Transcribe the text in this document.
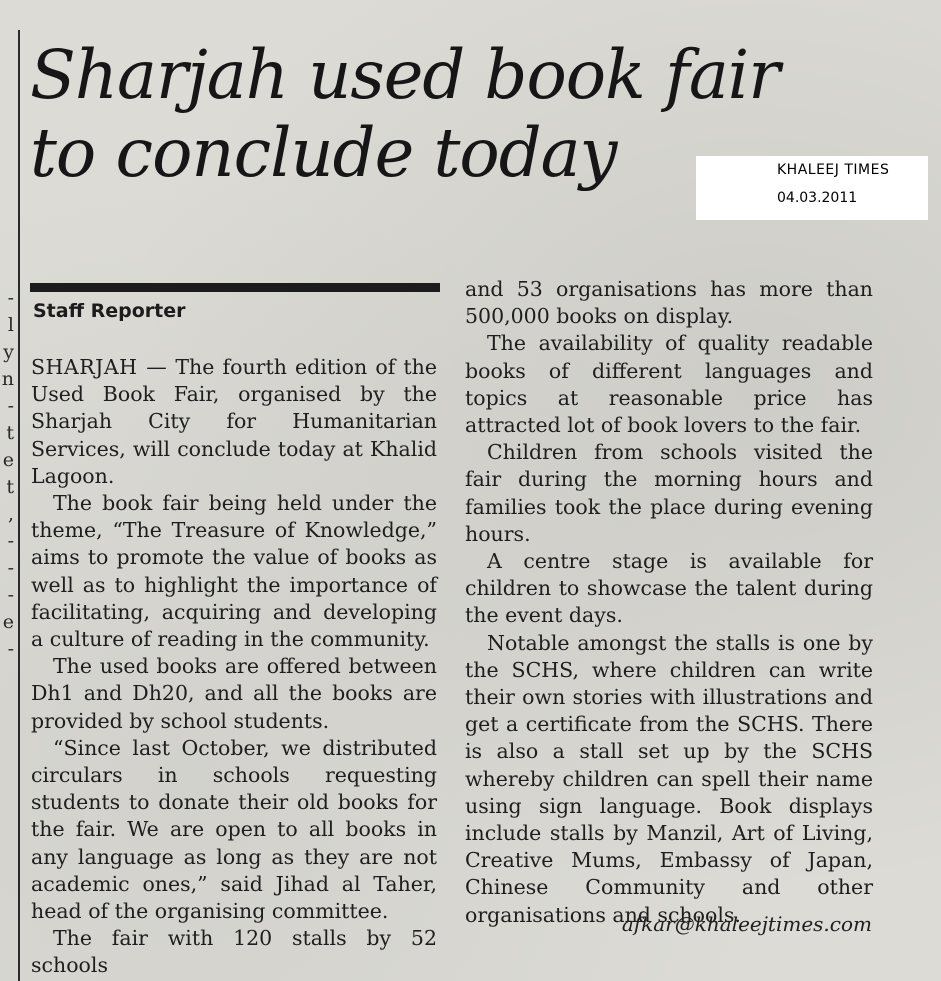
-
l
y
n
-
t
e
t
,
-
-
-
e
-
Sharjah used book fair
to conclude today	KHALEEJ TIMES
04.03.2011

Staff Reporter

SHARJAH — The fourth edition of the Used Book Fair, organised by the Sharjah City for Humanitarian Services, will conclude today at Khalid Lagoon.

The book fair being held under the theme, “The Treasure of Knowledge,” aims to promote the value of books as well as to highlight the importance of facilitating, acquiring and developing a culture of reading in the community.

The used books are offered between Dh1 and Dh20, and all the books are provided by school students.

“Since last October, we distributed circulars in schools requesting students to donate their old books for the fair. We are open to all books in any language as long as they are not academic ones,” said Jihad al Taher, head of the organising committee.

The fair with 120 stalls by 52 schools

and 53 organisations has more than 500,000 books on display.

The availability of quality readable books of different languages and topics at reasonable price has attracted lot of book lovers to the fair.

Children from schools visited the fair during the morning hours and families took the place during evening hours.

A centre stage is available for children to showcase the talent during the event days.

Notable amongst the stalls is one by the SCHS, where children can write their own stories with illustrations and get a certificate from the SCHS. There is also a stall set up by the SCHS whereby children can spell their name using sign language. Book displays include stalls by Manzil, Art of Living, Creative Mums, Embassy of Japan, Chinese Community and other organisations and schools.

afkar@khaleejtimes.com
